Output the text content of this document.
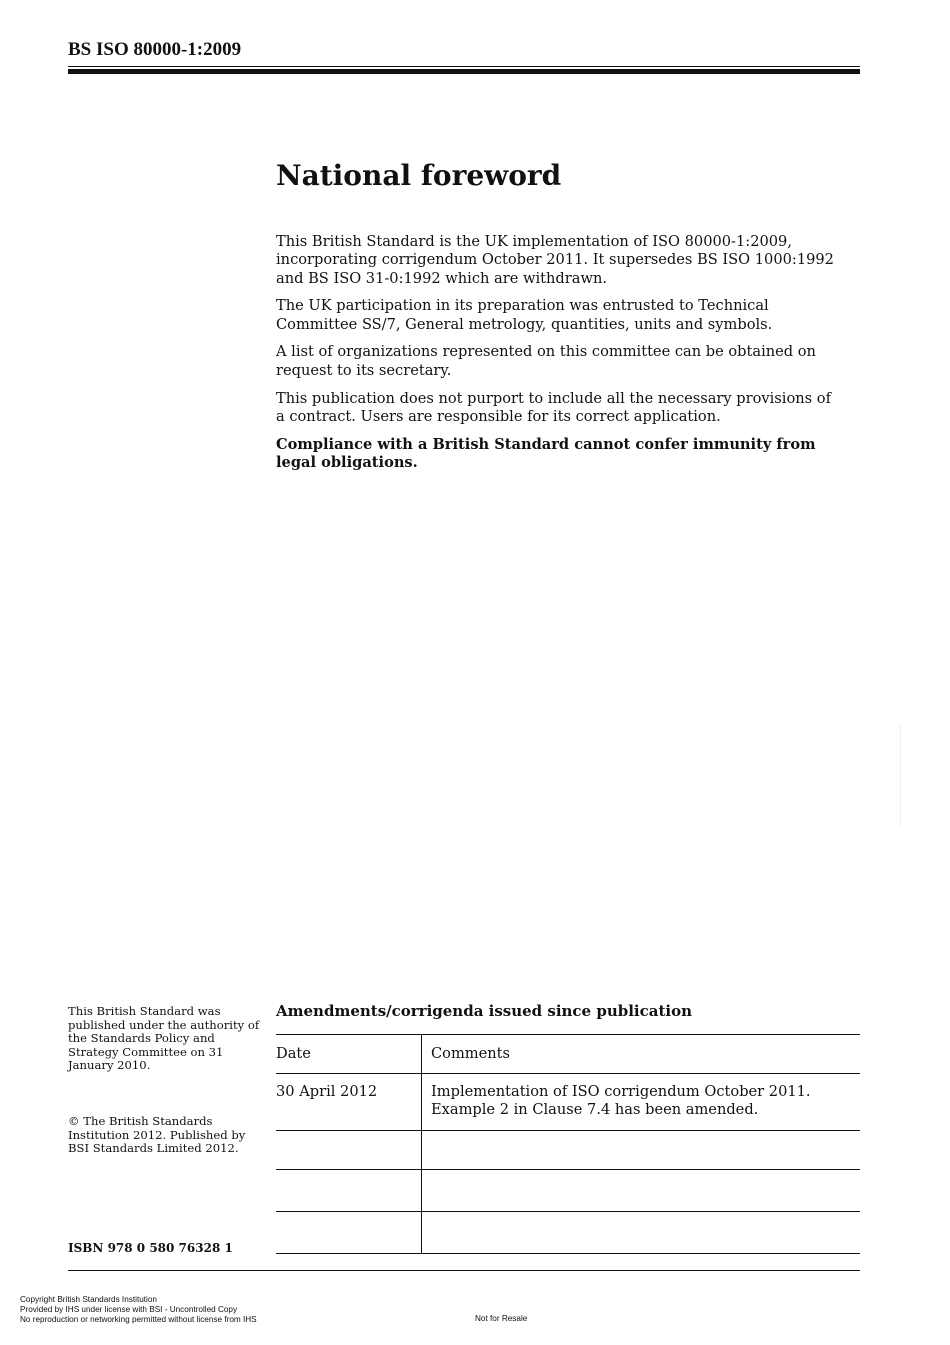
BS ISO 80000-1:2009
National foreword

This British Standard is the UK implementation of ISO 80000-1:2009, incorporating corrigendum October 2011. It supersedes BS ISO 1000:1992 and BS ISO 31-0:1992 which are withdrawn.

The UK participation in its preparation was entrusted to Technical Committee SS/7, General metrology, quantities, units and symbols.

A list of organizations represented on this committee can be obtained on request to its secretary.

This publication does not purport to include all the necessary provisions of a contract. Users are responsible for its correct application.

Compliance with a British Standard cannot confer immunity from legal obligations.

This British Standard was published under the authority of the Standards Policy and Strategy Committee on 31 January 2010.

© The British Standards Institution 2012. Published by BSI Standards Limited 2012.

ISBN 978 0 580 76328 1

Amendments/corrigenda issued since publication
Date	Comments
30 April 2012	Implementation of ISO corrigendum October 2011.
Example 2 in Clause 7.4 has been amended.

Copyright British Standards Institution
Provided by IHS under license with BSI - Uncontrolled Copy
No reproduction or networking permitted without license from IHS	Not for Resale
